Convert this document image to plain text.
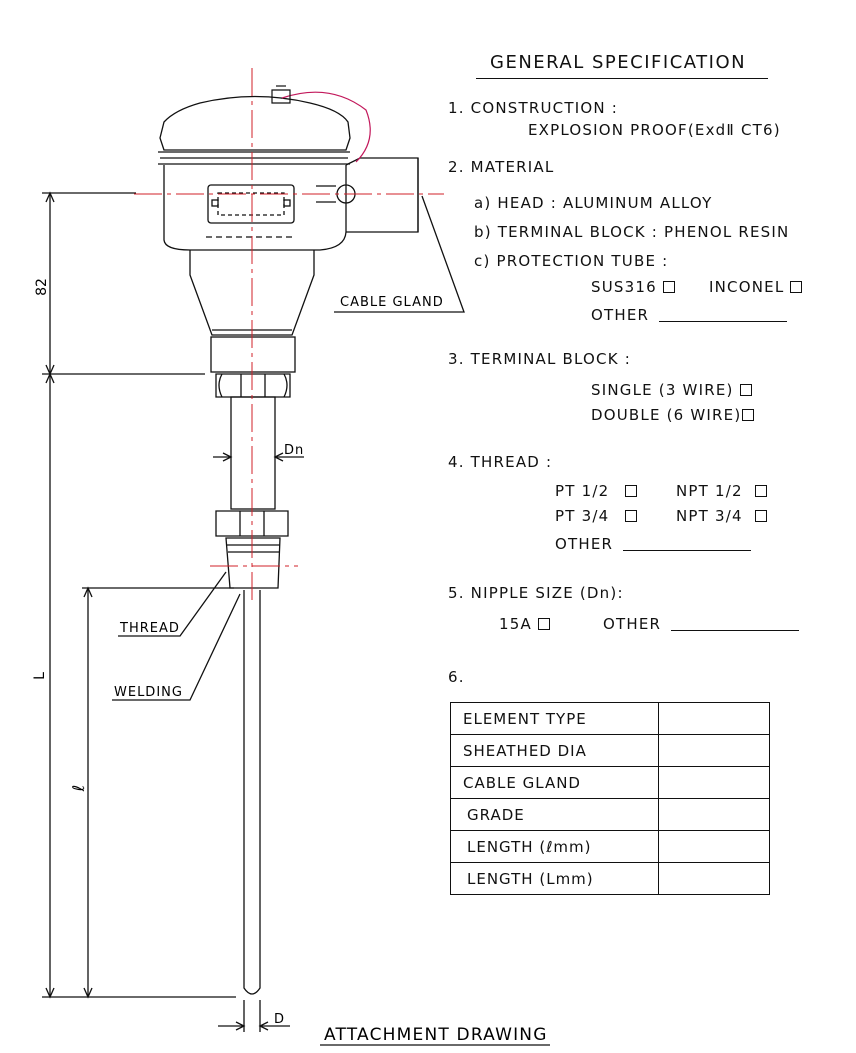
82
L
ℓ
Dn
D
CABLE GLAND
THREAD
WELDING
ATTACHMENT DRAWING
GENERAL SPECIFICATION
1. CONSTRUCTION :
EXPLOSION PROOF(ExdⅡ CT6)
2. MATERIAL
a) HEAD : ALUMINUM ALLOY
b) TERMINAL BLOCK : PHENOL RESIN
c) PROTECTION TUBE :
SUS316	INCONEL
OTHER
3. TERMINAL BLOCK :
SINGLE (3 WIRE)
DOUBLE (6 WIRE)
4. THREAD :
PT 1/2	NPT 1/2
PT 3/4	NPT 3/4
OTHER
5. NIPPLE SIZE (Dn):
15A	OTHER
6.
ELEMENT TYPE	
SHEATHED DIA	
CABLE GLAND	
GRADE	
LENGTH (ℓmm)	
LENGTH (Lmm)	
